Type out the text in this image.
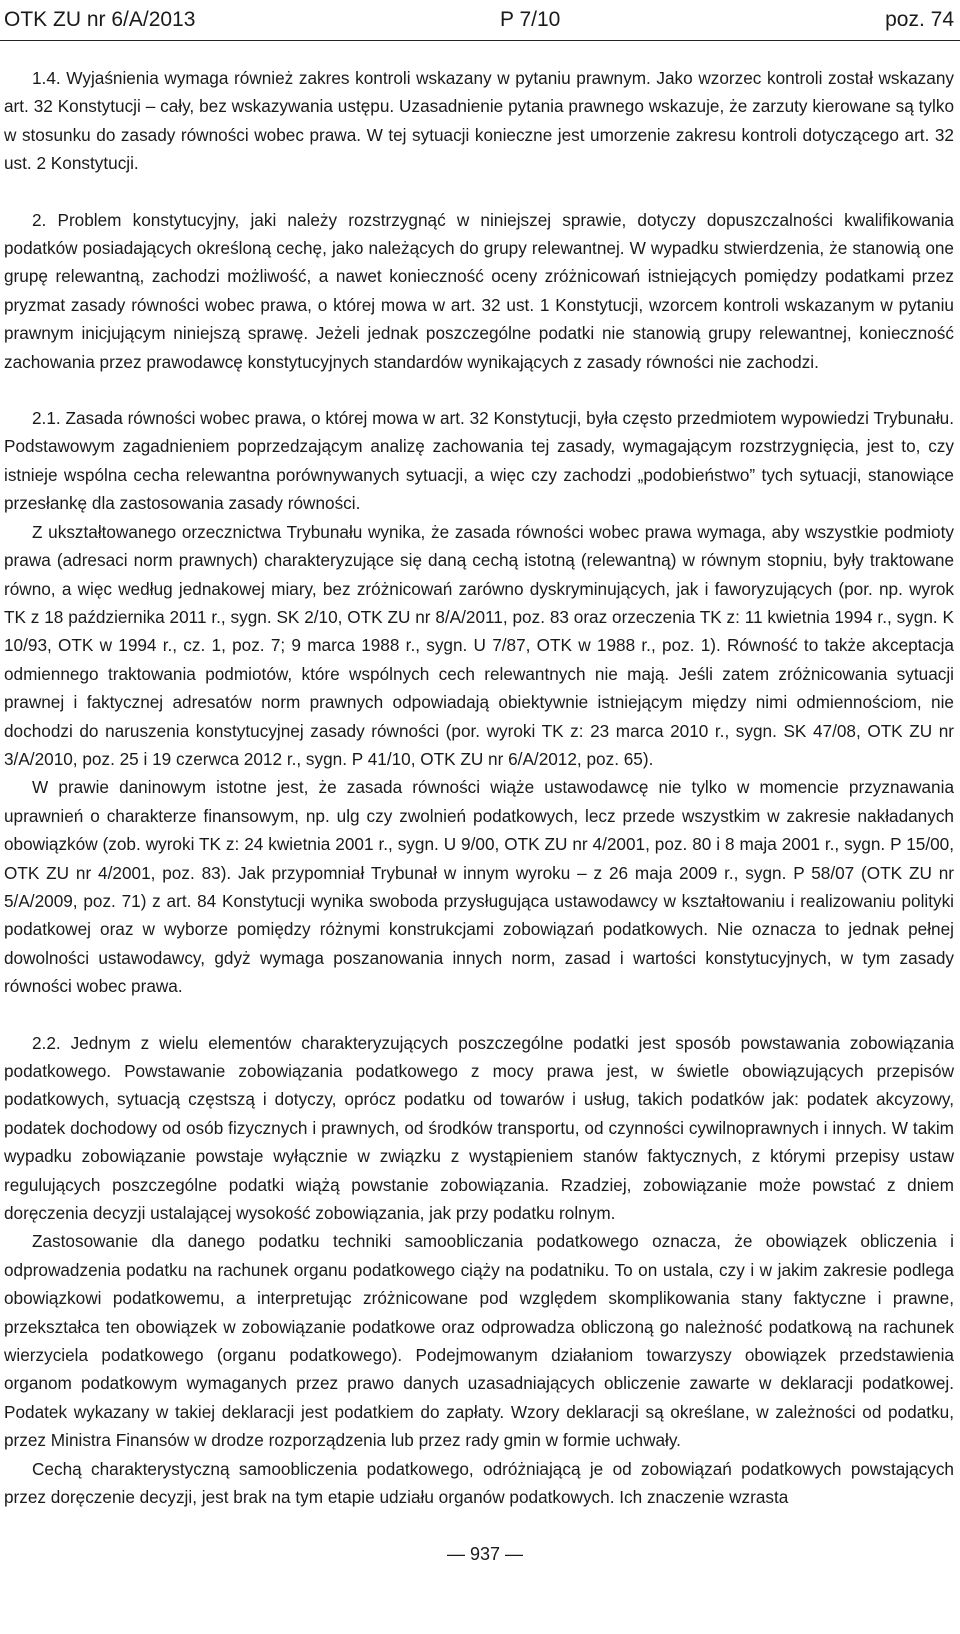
OTK ZU nr 6/A/2013	P 7/10	poz. 74

1.4. Wyjaśnienia wymaga również zakres kontroli wskazany w pytaniu prawnym. Jako wzorzec kontroli został wskazany art. 32 Konstytucji – cały, bez wskazywania ustępu. Uzasadnienie pytania prawnego wskazuje, że zarzuty kierowane są tylko w stosunku do zasady równości wobec prawa. W tej sytuacji konieczne jest umorzenie zakresu kontroli dotyczącego art. 32 ust. 2 Konstytucji.

2. Problem konstytucyjny, jaki należy rozstrzygnąć w niniejszej sprawie, dotyczy dopuszczalności kwalifikowania podatków posiadających określoną cechę, jako należących do grupy relewantnej. W wypadku stwierdzenia, że stanowią one grupę relewantną, zachodzi możliwość, a nawet konieczność oceny zróżnicowań istniejących pomiędzy podatkami przez pryzmat zasady równości wobec prawa, o której mowa w art. 32 ust. 1 Konstytucji, wzorcem kontroli wskazanym w pytaniu prawnym inicjującym niniejszą sprawę. Jeżeli jednak poszczególne podatki nie stanowią grupy relewantnej, konieczność zachowania przez prawodawcę konstytucyjnych standardów wynikających z zasady równości nie zachodzi.

2.1. Zasada równości wobec prawa, o której mowa w art. 32 Konstytucji, była często przedmiotem wypowiedzi Trybunału. Podstawowym zagadnieniem poprzedzającym analizę zachowania tej zasady, wymagającym rozstrzygnięcia, jest to, czy istnieje wspólna cecha relewantna porównywanych sytuacji, a więc czy zachodzi „podobieństwo” tych sytuacji, stanowiące przesłankę dla zastosowania zasady równości.

Z ukształtowanego orzecznictwa Trybunału wynika, że zasada równości wobec prawa wymaga, aby wszystkie podmioty prawa (adresaci norm prawnych) charakteryzujące się daną cechą istotną (relewantną) w równym stopniu, były traktowane równo, a więc według jednakowej miary, bez zróżnicowań zarówno dyskryminujących, jak i faworyzujących (por. np. wyrok TK z 18 października 2011 r., sygn. SK 2/10, OTK ZU nr 8/A/2011, poz. 83 oraz orzeczenia TK z: 11 kwietnia 1994 r., sygn. K 10/93, OTK w 1994 r., cz. 1, poz. 7; 9 marca 1988 r., sygn. U 7/87, OTK w 1988 r., poz. 1). Równość to także akceptacja odmiennego traktowania podmiotów, które wspólnych cech relewantnych nie mają. Jeśli zatem zróżnicowania sytuacji prawnej i faktycznej adresatów norm prawnych odpowiadają obiektywnie istniejącym między nimi odmiennościom, nie dochodzi do naruszenia konstytucyjnej zasady równości (por. wyroki TK z: 23 marca 2010 r., sygn. SK 47/08, OTK ZU nr 3/A/2010, poz. 25 i 19 czerwca 2012 r., sygn. P 41/10, OTK ZU nr 6/A/2012, poz. 65).

W prawie daninowym istotne jest, że zasada równości wiąże ustawodawcę nie tylko w momencie przyznawania uprawnień o charakterze finansowym, np. ulg czy zwolnień podatkowych, lecz przede wszystkim w zakresie nakładanych obowiązków (zob. wyroki TK z: 24 kwietnia 2001 r., sygn. U 9/00, OTK ZU nr 4/2001, poz. 80 i 8 maja 2001 r., sygn. P 15/00, OTK ZU nr 4/2001, poz. 83). Jak przypomniał Trybunał w innym wyroku – z 26 maja 2009 r., sygn. P 58/07 (OTK ZU nr 5/A/2009, poz. 71) z art. 84 Konstytucji wynika swoboda przysługująca ustawodawcy w kształtowaniu i realizowaniu polityki podatkowej oraz w wyborze pomiędzy różnymi konstrukcjami zobowiązań podatkowych. Nie oznacza to jednak pełnej dowolności ustawodawcy, gdyż wymaga poszanowania innych norm, zasad i wartości konstytucyjnych, w tym zasady równości wobec prawa.

2.2. Jednym z wielu elementów charakteryzujących poszczególne podatki jest sposób powstawania zobowiązania podatkowego. Powstawanie zobowiązania podatkowego z mocy prawa jest, w świetle obowiązujących przepisów podatkowych, sytuacją częstszą i dotyczy, oprócz podatku od towarów i usług, takich podatków jak: podatek akcyzowy, podatek dochodowy od osób fizycznych i prawnych, od środków transportu, od czynności cywilnoprawnych i innych. W takim wypadku zobowiązanie powstaje wyłącznie w związku z wystąpieniem stanów faktycznych, z którymi przepisy ustaw regulujących poszczególne podatki wiążą powstanie zobowiązania. Rzadziej, zobowiązanie może powstać z dniem doręczenia decyzji ustalającej wysokość zobowiązania, jak przy podatku rolnym.

Zastosowanie dla danego podatku techniki samoobliczania podatkowego oznacza, że obowiązek obliczenia i odprowadzenia podatku na rachunek organu podatkowego ciąży na podatniku. To on ustala, czy i w jakim zakresie podlega obowiązkowi podatkowemu, a interpretując zróżnicowane pod względem skomplikowania stany faktyczne i prawne, przekształca ten obowiązek w zobowiązanie podatkowe oraz odprowadza obliczoną go należność podatkową na rachunek wierzyciela podatkowego (organu podatkowego). Podejmowanym działaniom towarzyszy obowiązek przedstawienia organom podatkowym wymaganych przez prawo danych uzasadniających obliczenie zawarte w deklaracji podatkowej. Podatek wykazany w takiej deklaracji jest podatkiem do zapłaty. Wzory deklaracji są określane, w zależności od podatku, przez Ministra Finansów w drodze rozporządzenia lub przez rady gmin w formie uchwały.

Cechą charakterystyczną samoobliczenia podatkowego, odróżniającą je od zobowiązań podatkowych powstających przez doręczenie decyzji, jest brak na tym etapie udziału organów podatkowych. Ich znaczenie wzrasta

— 937 —
